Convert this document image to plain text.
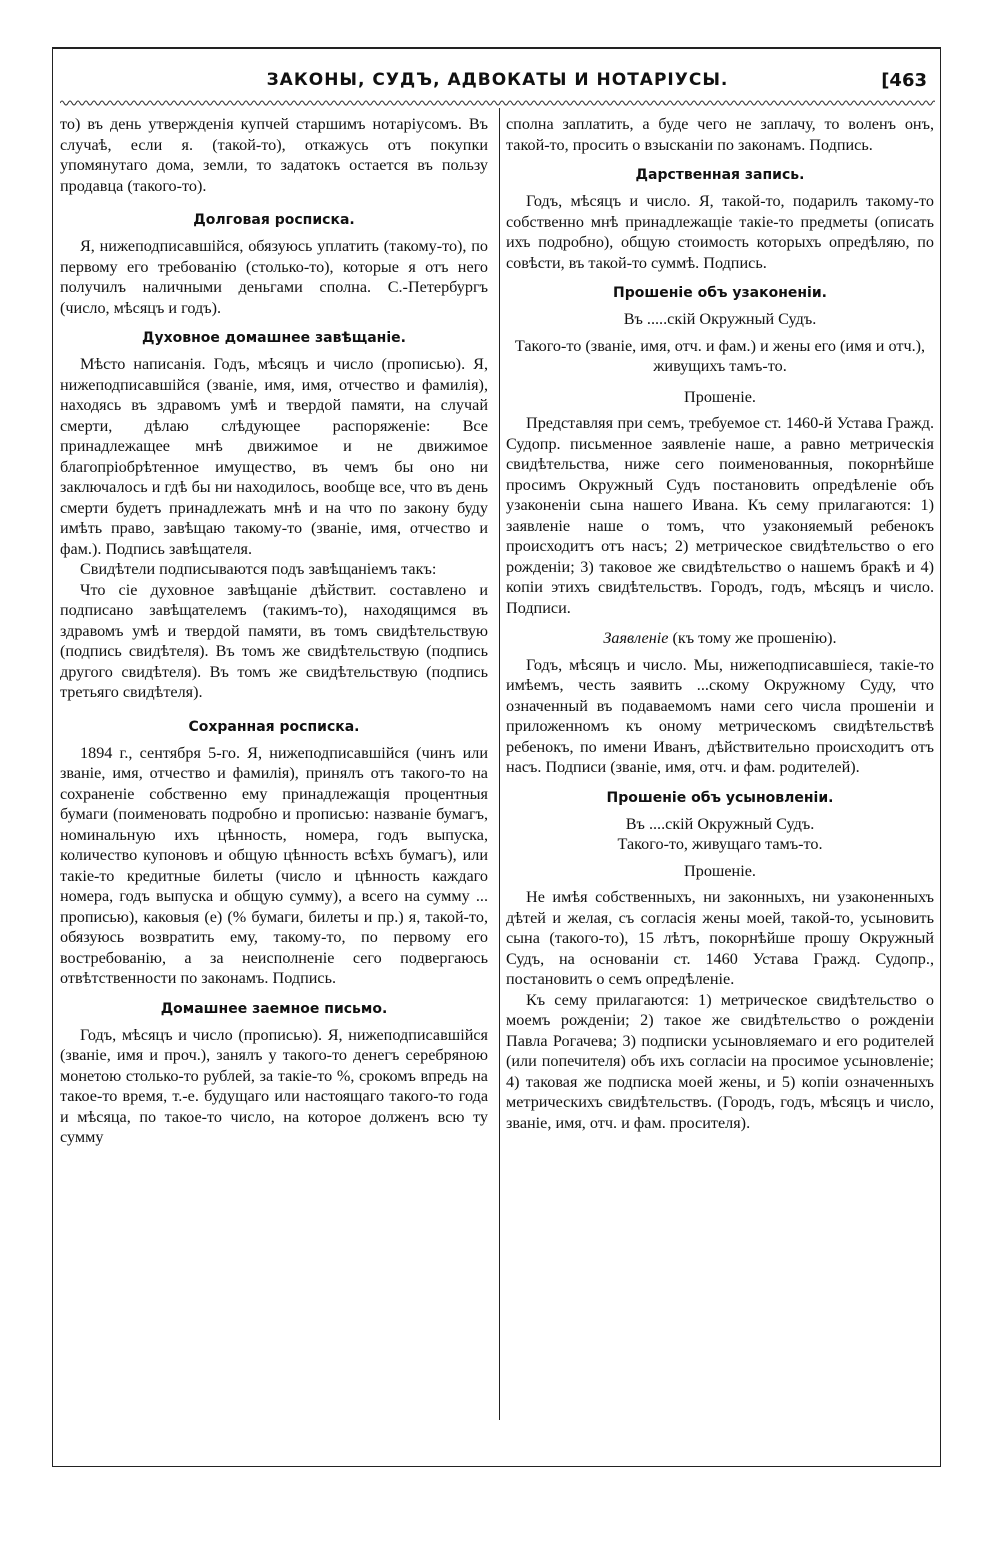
ЗАКОНЫ, СУДЪ, АДВОКАТЫ И НОТАРІУСЫ.	[463

то) въ день утвержденія купчей старшимъ нотаріусомъ. Въ случаѣ, если я. (такой-то), откажусь отъ покупки упомянутаго дома, земли, то задатокъ остается въ пользу продавца (такого-то).

Долговая росписка.

Я, нижеподписавшійся, обязуюсь уплатить (такому-то), по первому его требованію (столько-то), которые я отъ него получилъ наличными деньгами сполна. С.-Петербургъ (число, мѣсяцъ и годъ).

Духовное домашнее завѣщаніе.

Мѣсто написанія. Годъ, мѣсяцъ и число (прописью). Я, нижеподписавшійся (званіе, имя, имя, отчество и фамилія), находясь въ здравомъ умѣ и твердой памяти, на случай смерти, дѣлаю слѣдующее распоряженіе: Все принадлежащее мнѣ движимое и не движимое благопріобрѣтенное имущество, въ чемъ бы оно ни заключалось и гдѣ бы ни находилось, вообще все, что въ день смерти будетъ принадлежать мнѣ и на что по закону буду имѣть право, завѣщаю такому-то (званіе, имя, отчество и фам.). Подпись завѣщателя.

Свидѣтели подписываются подъ завѣщаніемъ такъ:

Что сіе духовное завѣщаніе дѣйствит. составлено и подписано завѣщателемъ (такимъ-то), находящимся въ здравомъ умѣ и твердой памяти, въ томъ свидѣтельствую (подпись свидѣтеля). Въ томъ же свидѣтельствую (подпись другого свидѣтеля). Въ томъ же свидѣтельствую (подпись третьяго свидѣтеля).

Сохранная росписка.

1894 г., сентября 5-го. Я, нижеподписавшійся (чинъ или званіе, имя, отчество и фамилія), принялъ отъ такого-то на сохраненіе собственно ему принадлежащія процентныя бумаги (поименовать подробно и прописью: названіе бумагъ, номинальную ихъ цѣнность, номера, годъ выпуска, количество купоновъ и общую цѣнность всѣхъ бумагъ), или такіе-то кредитные билеты (число и цѣнность каждаго номера, годъ выпуска и общую сумму), а всего на сумму ... прописью), каковыя (е) (% бумаги, билеты и пр.) я, такой-то, обязуюсь возвратить ему, такому-то, по первому его востребованію, а за неисполненіе сего подвергаюсь отвѣтственности по законамъ. Подпись.

Домашнее заемное письмо.

Годъ, мѣсяцъ и число (прописью). Я, нижеподписавшійся (званіе, имя и проч.), занялъ у такого-то денегъ серебряною монетою столько-то рублей, за такіе-то %, срокомъ впредь на такое-то время, т.-е. будущаго или настоящаго такого-то года и мѣсяца, по такое-то число, на которое долженъ всю ту сумму

сполна заплатить, а буде чего не заплачу, то воленъ онъ, такой-то, просить о взысканіи по законамъ. Подпись.

Дарственная запись.

Годъ, мѣсяцъ и число. Я, такой-то, подарилъ такому-то собственно мнѣ принадлежащіе такіе-то предметы (описать ихъ подробно), общую стоимость которыхъ опредѣляю, по совѣсти, въ такой-то суммѣ. Подпись.

Прошеніе объ узаконеніи.

Въ .....скій Окружный Судъ.

Такого-то (званіе, имя, отч. и фам.) и жены его (имя и отч.), живущихъ тамъ-то.

Прошеніе.

Представляя при семъ, требуемое ст. 1460-й Устава Гражд. Судопр. письменное заявленіе наше, а равно метрическія свидѣтельства, ниже сего поименованныя, покорнѣйше просимъ Окружный Судъ постановить опредѣленіе объ узаконеніи сына нашего Ивана. Къ сему прилагаются: 1) заявленіе наше о томъ, что узаконяемый ребенокъ происходитъ отъ насъ; 2) метрическое свидѣтельство о его рожденіи; 3) таковое же свидѣтельство о нашемъ бракѣ и 4) копіи этихъ свидѣтельствъ. Городъ, годъ, мѣсяцъ и число. Подписи.

Заявленіе (къ тому же прошенію).

Годъ, мѣсяцъ и число. Мы, нижеподписавшіеся, такіе-то имѣемъ, честь заявить ...скому Окружному Суду, что означенный въ подаваемомъ нами сего числа прошеніи и приложенномъ къ оному метрическомъ свидѣтельствѣ ребенокъ, по имени Иванъ, дѣйствительно происходитъ отъ насъ. Подписи (званіе, имя, отч. и фам. родителей).

Прошеніе объ усыновленіи.

Въ ....скій Окружный Судъ.

Такого-то, живущаго тамъ-то.

Прошеніе.

Не имѣя собственныхъ, ни законныхъ, ни узаконенныхъ дѣтей и желая, съ согласія жены моей, такой-то, усыновить сына (такого-то), 15 лѣтъ, покорнѣйше прошу Окружный Судъ, на основаніи ст. 1460 Устава Гражд. Судопр., постановить о семъ опредѣленіе.

Къ сему прилагаются: 1) метрическое свидѣтельство о моемъ рожденіи; 2) такое же свидѣтельство о рожденіи Павла Рогачева; 3) подписки усыновляемаго и его родителей (или попечителя) объ ихъ согласіи на просимое усыновленіе; 4) таковая же подписка моей жены, и 5) копіи означенныхъ метрическихъ свидѣтельствъ. (Городъ, годъ, мѣсяцъ и число, званіе, имя, отч. и фам. просителя).
